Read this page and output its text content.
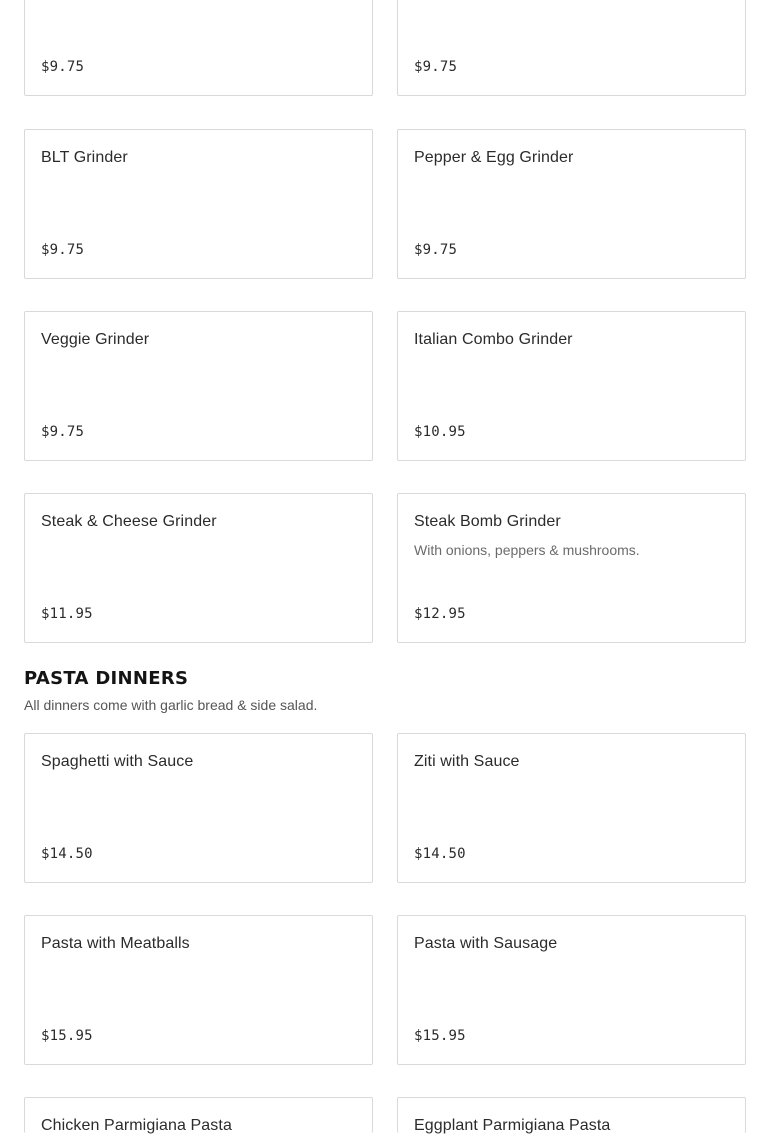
$9.75	$9.75
BLT Grinder
$9.75
Pepper & Egg Grinder
$9.75
Veggie Grinder
$9.75
Italian Combo Grinder
$10.95
Steak & Cheese Grinder
$11.95
Steak Bomb Grinder
With onions, peppers & mushrooms.
$12.95
PASTA DINNERS

All dinners come with garlic bread & side salad.

Spaghetti with Sauce
$14.50
Ziti with Sauce
$14.50
Pasta with Meatballs
$15.95
Pasta with Sausage
$15.95
Chicken Parmigiana Pasta	Eggplant Parmigiana Pasta
